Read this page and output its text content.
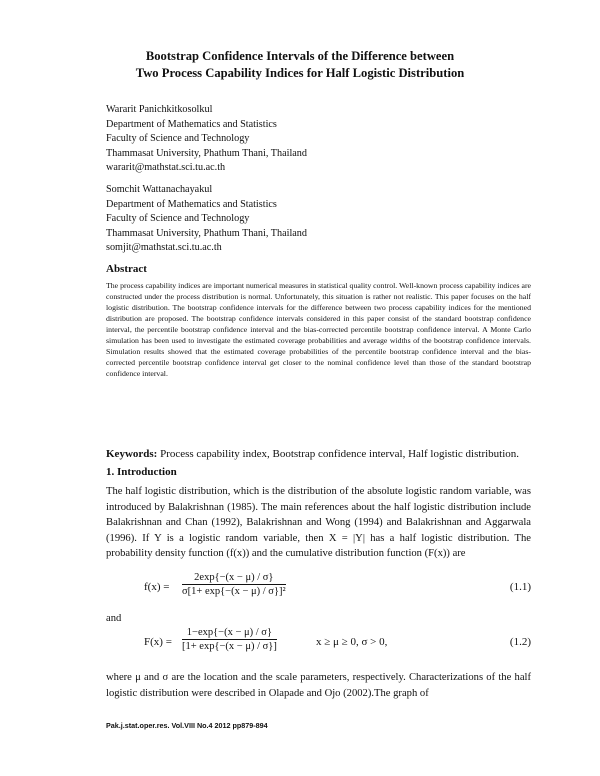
Bootstrap Confidence Intervals of the Difference between
Two Process Capability Indices for Half Logistic Distribution
Wararit Panichkitkosolkul
Department of Mathematics and Statistics
Faculty of Science and Technology
Thammasat University, Phathum Thani, Thailand
wararit@mathstat.sci.tu.ac.th
Somchit Wattanachayakul
Department of Mathematics and Statistics
Faculty of Science and Technology
Thammasat University, Phathum Thani, Thailand
somjit@mathstat.sci.tu.ac.th
Abstract
The process capability indices are important numerical measures in statistical quality control. Well-known process capability indices are constructed under the process distribution is normal. Unfortunately, this situation is rather not realistic. This paper focuses on the half logistic distribution. The bootstrap confidence intervals for the difference between two process capability indices for the mentioned distribution are proposed. The bootstrap confidence intervals considered in this paper consist of the standard bootstrap confidence interval, the percentile bootstrap confidence interval and the bias-corrected percentile bootstrap confidence interval. A Monte Carlo simulation has been used to investigate the estimated coverage probabilities and average widths of the bootstrap confidence intervals. Simulation results showed that the estimated coverage probabilities of the percentile bootstrap confidence interval and the bias-corrected percentile bootstrap confidence interval get closer to the nominal confidence level than those of the standard bootstrap confidence interval.
Keywords: Process capability index, Bootstrap confidence interval, Half logistic distribution.
1. Introduction
The half logistic distribution, which is the distribution of the absolute logistic random variable, was introduced by Balakrishnan (1985). The main references about the half logistic distribution include Balakrishnan and Chan (1992), Balakrishnan and Wong (1994) and Balakrishnan and Aggarwala (1996). If Y is a logistic random variable, then X = |Y| has a half logistic distribution. The probability density function (f(x)) and the cumulative distribution function (F(x)) are
$f(x) = \frac{2\exp\{-(x - \mu) / \sigma\}}{\text{σ[1+ exp\{−(x − μ) / σ\}]²}}$	(1.1)
and
$F(x) = \frac{1-\exp\{-(x - \mu) / \sigma\}}{[1+ \exp\{-(x - \mu) / \sigma\}]}$	x ≥ μ ≥ 0, σ > 0,	(1.2)
where μ and σ are the location and the scale parameters, respectively. Characterizations of the half logistic distribution were described in Olapade and Ojo (2002).The graph of
Pak.j.stat.oper.res. Vol.VIII No.4 2012 pp879-894
